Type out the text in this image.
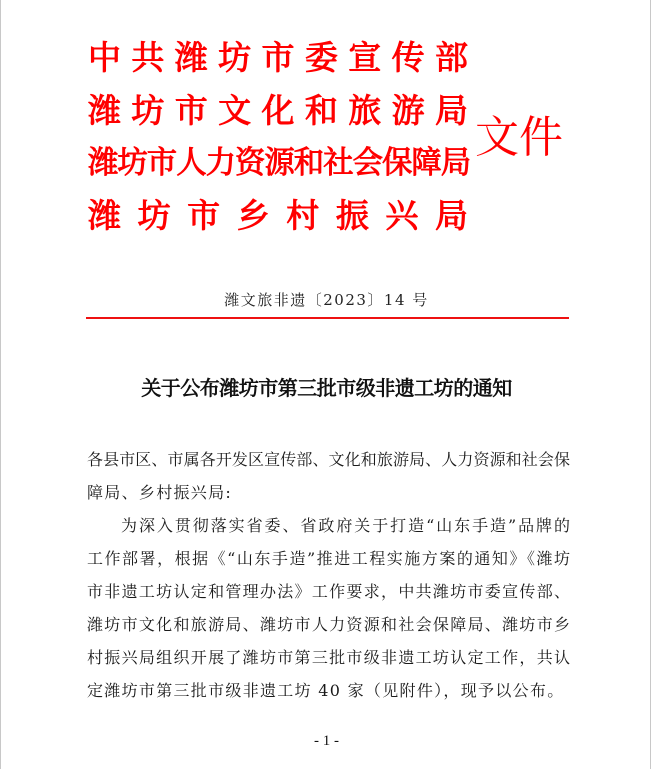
中 共 潍 坊 市 委 宣 传 部
潍 坊 市 文 化 和 旅 游 局
潍 坊 市 人 力 资 源 和 社 会 保 障 局
潍 坊 市 乡 村 振 兴 局
文件
潍文旅非遗〔2023〕14 号
关于公布潍坊市第三批市级非遗工坊的通知
各县市区、市属各开发区宣传部、文化和旅游局、人力资源和社会保
障局、乡村振兴局:
为深入贯彻落实省委、省政府关于打造“山东手造”品牌的
工作部署，根据《“山东手造”推进工程实施方案的通知》《潍坊
市非遗工坊认定和管理办法》工作要求，中共潍坊市委宣传部、
潍坊市文化和旅游局、潍坊市人力资源和社会保障局、潍坊市乡
村振兴局组织开展了潍坊市第三批市级非遗工坊认定工作，共认
定潍坊市第三批市级非遗工坊 40 家（见附件），现予以公布。
- 1 -
